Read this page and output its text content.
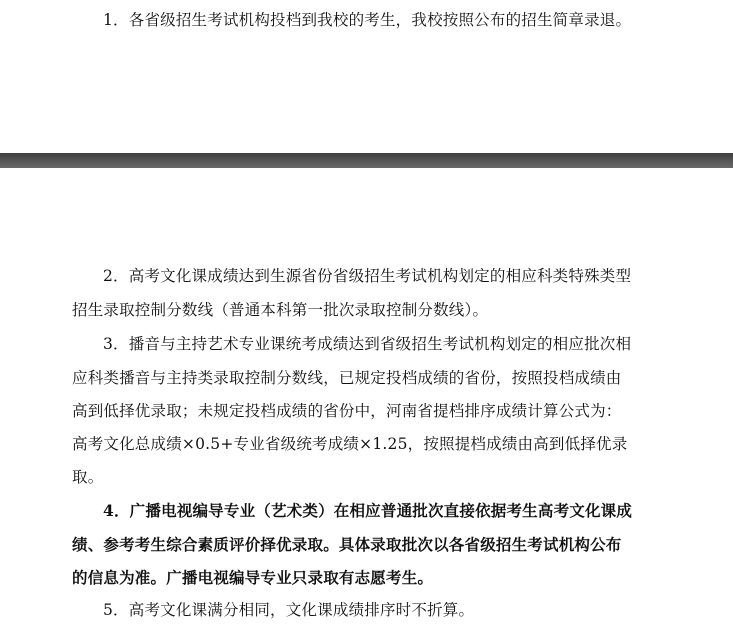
1．各省级招生考试机构投档到我校的考生，我校按照公布的招生简章录退。
2．高考文化课成绩达到生源省份省级招生考试机构划定的相应科类特殊类型
招生录取控制分数线（普通本科第一批次录取控制分数线）。
3．播音与主持艺术专业课统考成绩达到省级招生考试机构划定的相应批次相
应科类播音与主持类录取控制分数线，已规定投档成绩的省份，按照投档成绩由
高到低择优录取；未规定投档成绩的省份中，河南省提档排序成绩计算公式为：
高考文化总成绩×0.5+专业省级统考成绩×1.25，按照提档成绩由高到低择优录
取。
4．广播电视编导专业（艺术类）在相应普通批次直接依据考生高考文化课成
绩、参考考生综合素质评价择优录取。具体录取批次以各省级招生考试机构公布
的信息为准。广播电视编导专业只录取有志愿考生。
5．高考文化课满分相同，文化课成绩排序时不折算。
